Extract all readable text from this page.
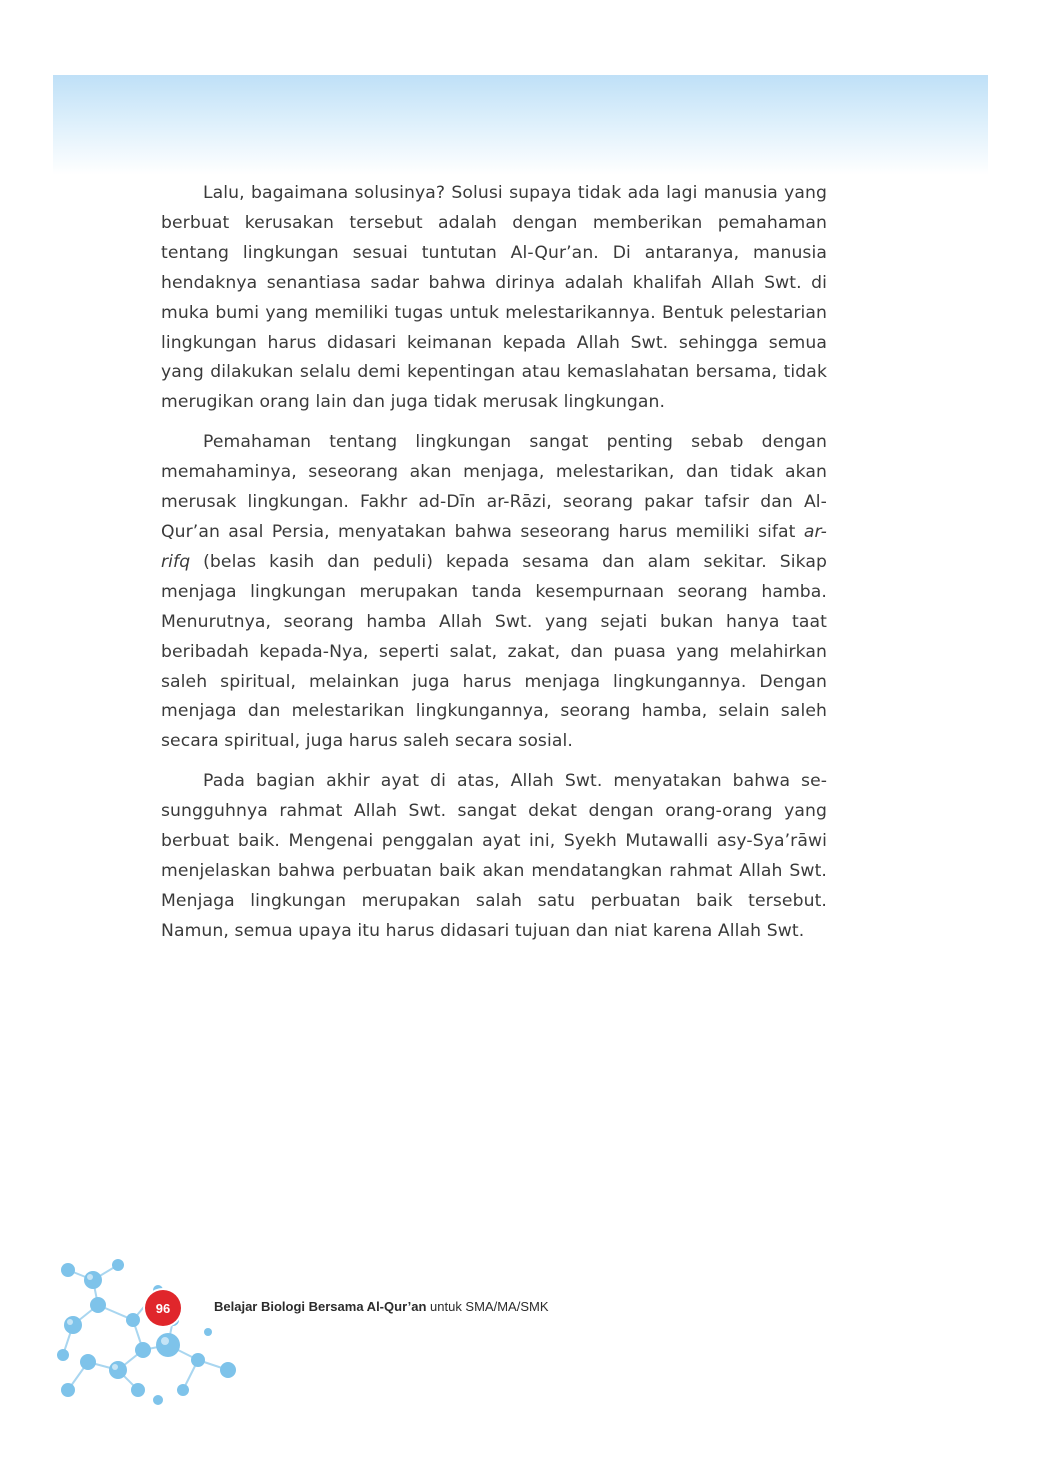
Lalu, bagaimana solusinya? Solusi supaya tidak ada lagi manusia yang berbuat kerusakan tersebut adalah dengan memberikan pemahaman tentang lingkungan sesuai tuntutan Al-Qur’an. Di antaranya, manusia hendaknya senantiasa sadar bahwa dirinya adalah khalifah Allah Swt. di muka bumi yang memiliki tugas untuk melestarikannya. Bentuk pelestarian lingkungan harus didasari keimanan kepada Allah Swt. sehingga semua yang dilakukan selalu demi kepentingan atau kemaslahatan bersama, tidak merugikan orang lain dan juga tidak merusak lingkungan.

Pemahaman tentang lingkungan sangat penting sebab dengan memahaminya, seseorang akan menjaga, melestarikan, dan tidak akan merusak lingkungan. Fakhr ad-Dīn ar-Rāzi, seorang pakar tafsir dan Al-Qur’an asal Persia, menyatakan bahwa seseorang harus memiliki sifat ar-rifq (belas kasih dan peduli) kepada sesama dan alam sekitar. Sikap menjaga lingkungan merupakan tanda kesempurnaan seorang hamba. Menurutnya, seorang hamba Allah Swt. yang sejati bukan hanya taat beribadah kepada-Nya, seperti salat, zakat, dan puasa yang melahirkan saleh spiritual, melainkan juga harus menjaga lingkungannya. Dengan menjaga dan melestarikan lingkungannya, seorang hamba, selain saleh secara spiritual, juga harus saleh secara sosial.

Pada bagian akhir ayat di atas, Allah Swt. menyatakan bahwa sesungguhnya rahmat Allah Swt. sangat dekat dengan orang-orang yang berbuat baik. Mengenai penggalan ayat ini, Syekh Mutawalli asy-Sya’rāwi menjelaskan bahwa perbuatan baik akan mendatangkan rahmat Allah Swt. Menjaga lingkungan merupakan salah satu perbuatan baik tersebut. Namun, semua upaya itu harus didasari tujuan dan niat karena Allah Swt.

96	Belajar Biologi Bersama Al-Qur’an untuk SMA/MA/SMK
